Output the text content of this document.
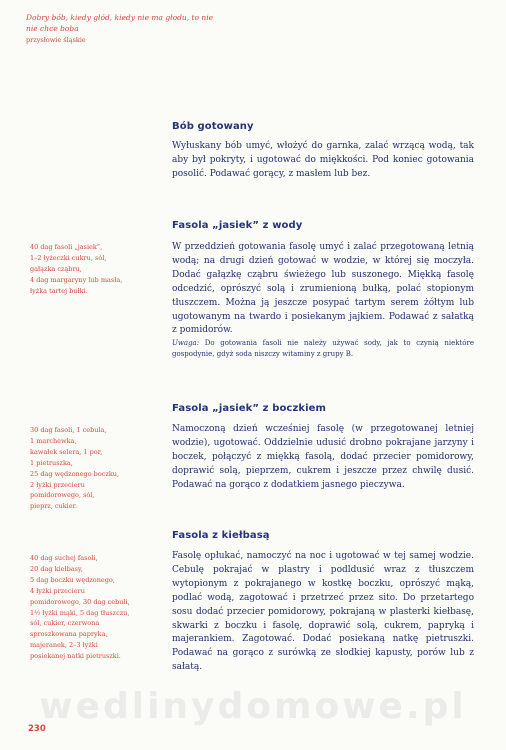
Dobry bób, kiedy głód, kiedy nie ma głodu, to nie
nie chce boba
przysłowie śląskie
Bób gotowany

Wyłuskany bób umyć, włożyć do garnka, zalać wrzącą wodą, tak aby był pokryty, i ugotować do miękkości. Pod koniec gotowania posolić. Podawać gorący, z masłem lub bez.

Fasola „jasiek” z wody
40 dag fasoli „jasiek”,
1–2 łyżeczki cukru, sól,
gałązka cząbru,
4 dag margaryny lub masła,
łyżka tartej bułki.

W przeddzień gotowania fasolę umyć i zalać przegotowaną letnią wodą; na drugi dzień gotować w wodzie, w której się moczyła. Dodać gałązkę cząbru świeżego lub suszonego. Miękką fasolę odcedzić, oprószyć solą i zrumienioną bułką, polać stopionym tłuszczem. Można ją jeszcze posypać tartym serem żółtym lub ugotowanym na twardo i posiekanym jajkiem. Podawać z sałatką z pomidorów.

Uwaga: Do gotowania fasoli nie należy używać sody, jak to czynią niektóre gospodynie, gdyż soda niszczy witaminy z grupy B.

Fasola „jasiek” z boczkiem
30 dag fasoli, 1 cebula,
1 marchewka,
kawałek selera, 1 por,
1 pietruszka,
25 dag wędzonego boczku,
2 łyżki przecieru
pomidorowego, sól,
pieprz, cukier.

Namoczoną dzień wcześniej fasolę (w przegotowanej letniej wodzie), ugotować. Oddzielnie udusić drobno pokrajane jarzyny i boczek, połączyć z miękką fasolą, dodać przecier pomidorowy, doprawić solą, pieprzem, cukrem i jeszcze przez chwilę dusić. Podawać na gorąco z dodatkiem jasnego pieczywa.

Fasola z kiełbasą
40 dag suchej fasoli,
20 dag kiełbasy,
5 dag boczku wędzonego,
4 łyżki przecieru
pomidorowego, 30 dag cebuli,
1½ łyżki mąki, 5 dag tłuszczu,
sól, cukier, czerwona
sproszkowana papryka,
majeranek, 2–3 łyżki
posiekanej natki pietruszki.

Fasolę opłukać, namoczyć na noc i ugotować w tej samej wodzie. Cebulę pokrajać w plastry i podldusić wraz z tłuszczem wytopionym z pokrajanego w kostkę boczku, oprószyć mąką, podlać wodą, zagotować i przetrzeć przez sito. Do przetartego sosu dodać przecier pomidorowy, pokrajaną w plasterki kiełbasę, skwarki z boczku i fasolę, doprawić solą, cukrem, papryką i majerankiem. Zagotować. Dodać posiekaną natkę pietruszki. Podawać na gorąco z surówką ze słodkiej kapusty, porów lub z sałatą.

wedlinydomowe.pl
230
